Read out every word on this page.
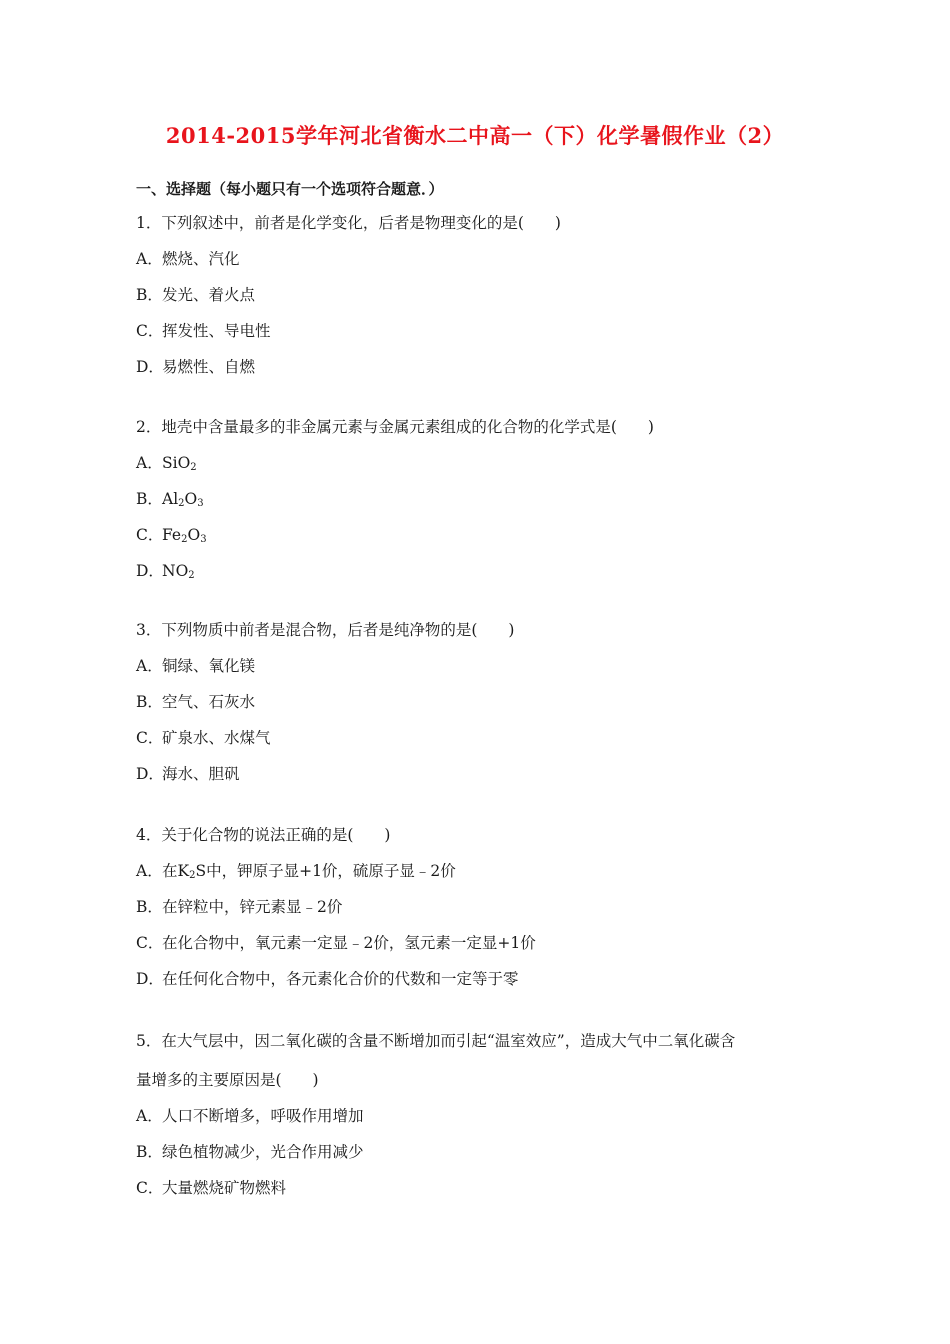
2014-2015学年河北省衡水二中高一（下）化学暑假作业（2）
一、选择题（每小题只有一个选项符合题意．）
1．下列叙述中，前者是化学变化，后者是物理变化的是(　　)
A．燃烧、汽化
B．发光、着火点
C．挥发性、导电性
D．易燃性、自燃
2．地壳中含量最多的非金属元素与金属元素组成的化合物的化学式是(　　)
A．SiO$_2$
B．$Al_2O_3$
C．$Fe_2O_3$
D．$NO_2$
3．下列物质中前者是混合物，后者是纯净物的是(　　)
A．铜绿、氧化镁
B．空气、石灰水
C．矿泉水、水煤气
D．海水、胆矾
4．关于化合物的说法正确的是(　　)
A．在$K_2S$中，钾原子显+1价，硫原子显﹣2价
B．在锌粒中，锌元素显﹣2价
C．在化合物中，氧元素一定显﹣2价，氢元素一定显+1价
D．在任何化合物中，各元素化合价的代数和一定等于零
5．在大气层中，因二氧化碳的含量不断增加而引起“温室效应”，造成大气中二氧化碳含
量增多的主要原因是(　　)
A．人口不断增多，呼吸作用增加
B．绿色植物减少，光合作用减少
C．大量燃烧矿物燃料
